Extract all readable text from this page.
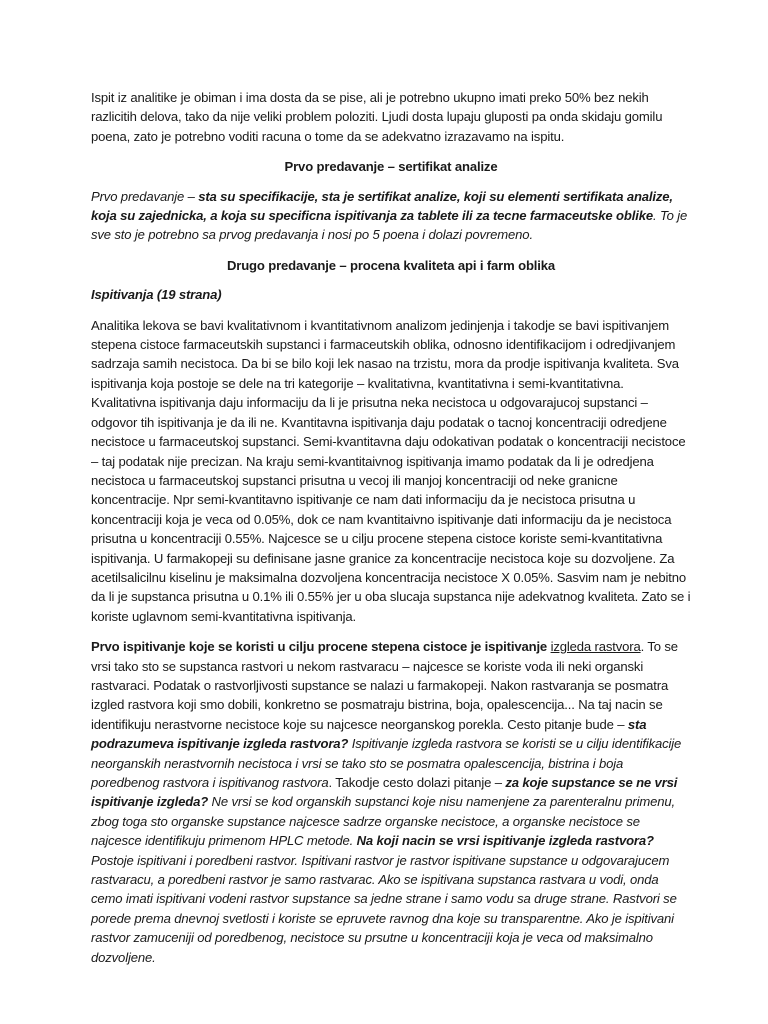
Ispit iz analitike je obiman i ima dosta da se pise, ali je potrebno ukupno imati preko 50% bez nekih razlicitih delova, tako da nije veliki problem poloziti. Ljudi dosta lupaju gluposti pa onda skidaju gomilu poena, zato je potrebno voditi racuna o tome da se adekvatno izrazavamo na ispitu.

Prvo predavanje – sertifikat analize

Prvo predavanje – sta su specifikacije, sta je sertifikat analize, koji su elementi sertifikata analize, koja su zajednicka, a koja su specificna ispitivanja za tablete ili za tecne farmaceutske oblike. To je sve sto je potrebno sa prvog predavanja i nosi po 5 poena i dolazi povremeno.

Drugo predavanje – procena kvaliteta api i farm oblika

Ispitivanja (19 strana)

Analitika lekova se bavi kvalitativnom i kvantitativnom analizom jedinjenja i takodje se bavi ispitivanjem stepena cistoce farmaceutskih supstanci i farmaceutskih oblika, odnosno identifikacijom i odredjivanjem sadrzaja samih necistoca. Da bi se bilo koji lek nasao na trzistu, mora da prodje ispitivanja kvaliteta. Sva ispitivanja koja postoje se dele na tri kategorije – kvalitativna, kvantitativna i semi-kvantitativna. Kvalitativna ispitivanja daju informaciju da li je prisutna neka necistoca u odgovarajucoj supstanci – odgovor tih ispitivanja je da ili ne. Kvantitavna ispitivanja daju podatak o tacnoj koncentraciji odredjene necistoce u farmaceutskoj supstanci. Semi-kvantitavna daju odokativan podatak o koncentraciji necistoce – taj podatak nije precizan. Na kraju semi-kvantitaivnog ispitivanja imamo podatak da li je odredjena necistoca u farmaceutskoj supstanci prisutna u vecoj ili manjoj koncentraciji od neke granicne koncentracije. Npr semi-kvantitavno ispitivanje ce nam dati informaciju da je necistoca prisutna u koncentraciji koja je veca od 0.05%, dok ce nam kvantitaivno ispitivanje dati informaciju da je necistoca prisutna u koncentraciji 0.55%. Najcesce se u cilju procene stepena cistoce koriste semi-kvantitativna ispitivanja. U farmakopeji su definisane jasne granice za koncentracije necistoca koje su dozvoljene. Za acetilsalicilnu kiselinu je maksimalna dozvoljena koncentracija necistoce X 0.05%. Sasvim nam je nebitno da li je supstanca prisutna u 0.1% ili 0.55% jer u oba slucaja supstanca nije adekvatnog kvaliteta. Zato se i koriste uglavnom semi-kvantitativna ispitivanja.

Prvo ispitivanje koje se koristi u cilju procene stepena cistoce je ispitivanje izgleda rastvora. To se vrsi tako sto se supstanca rastvori u nekom rastvaracu – najcesce se koriste voda ili neki organski rastvaraci. Podatak o rastvorljivosti supstance se nalazi u farmakopeji. Nakon rastvaranja se posmatra izgled rastvora koji smo dobili, konkretno se posmatraju bistrina, boja, opalescencija... Na taj nacin se identifikuju nerastvorne necistoce koje su najcesce neorganskog porekla. Cesto pitanje bude – sta podrazumeva ispitivanje izgleda rastvora? Ispitivanje izgleda rastvora se koristi se u cilju identifikacije neorganskih nerastvornih necistoca i vrsi se tako sto se posmatra opalescencija, bistrina i boja poredbenog rastvora i ispitivanog rastvora. Takodje cesto dolazi pitanje – za koje supstance se ne vrsi ispitivanje izgleda? Ne vrsi se kod organskih supstanci koje nisu namenjene za parenteralnu primenu, zbog toga sto organske supstance najcesce sadrze organske necistoce, a organske necistoce se najcesce identifikuju primenom HPLC metode. Na koji nacin se vrsi ispitivanje izgleda rastvora? Postoje ispitivani i poredbeni rastvor. Ispitivani rastvor je rastvor ispitivane supstance u odgovarajucem rastvaracu, a poredbeni rastvor je samo rastvarac. Ako se ispitivana supstanca rastvara u vodi, onda cemo imati ispitivani vodeni rastvor supstance sa jedne strane i samo vodu sa druge strane. Rastvori se porede prema dnevnoj svetlosti i koriste se epruvete ravnog dna koje su transparentne. Ako je ispitivani rastvor zamuceniji od poredbenog, necistoce su prsutne u koncentraciji koja je veca od maksimalno dozvoljene.
